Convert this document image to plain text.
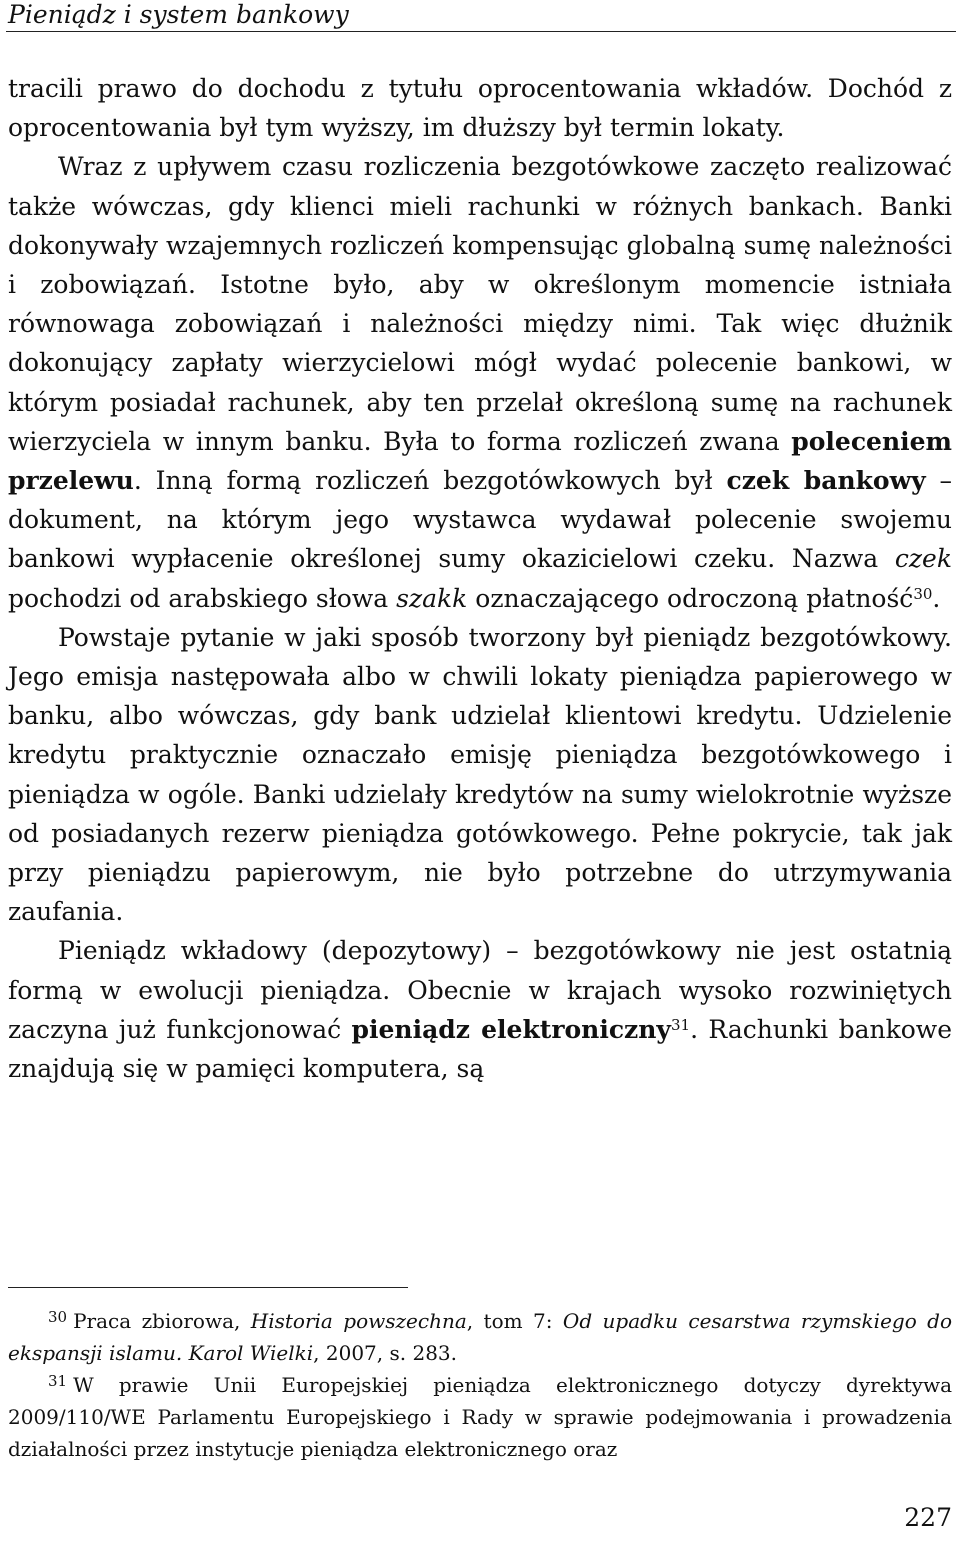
Pieniądz i system bankowy

tracili prawo do dochodu z tytułu oprocentowania wkładów. Dochód z oprocentowania był tym wyższy, im dłuższy był termin lokaty.

Wraz z upływem czasu rozliczenia bezgotówkowe zaczęto realizować także wówczas, gdy klienci mieli rachunki w różnych bankach. Banki dokonywały wzajemnych rozliczeń kompensując globalną sumę należności i zobowiązań. Istotne było, aby w określonym momencie istniała równowaga zobowiązań i należności między nimi. Tak więc dłużnik dokonujący zapłaty wierzycielowi mógł wydać polecenie bankowi, w którym posiadał rachunek, aby ten przelał określoną sumę na rachunek wierzyciela w innym banku. Była to forma rozliczeń zwana poleceniem przelewu. Inną formą rozliczeń bezgotówkowych był czek bankowy – dokument, na którym jego wystawca wydawał polecenie swojemu bankowi wypłacenie określonej sumy okazicielowi czeku. Nazwa czek pochodzi od arabskiego słowa szakk oznaczającego odroczoną płatność$^{30}$.

Powstaje pytanie w jaki sposób tworzony był pieniądz bezgotówkowy. Jego emisja następowała albo w chwili lokaty pieniądza papierowego w banku, albo wówczas, gdy bank udzielał klientowi kredytu. Udzielenie kredytu praktycznie oznaczało emisję pieniądza bezgotówkowego i pieniądza w ogóle. Banki udzielały kredytów na sumy wielokrotnie wyższe od posiadanych rezerw pieniądza gotówkowego. Pełne pokrycie, tak jak przy pieniądzu papierowym, nie było potrzebne do utrzymywania zaufania.

Pieniądz wkładowy (depozytowy) – bezgotówkowy nie jest ostatnią formą w ewolucji pieniądza. Obecnie w krajach wysoko rozwiniętych zaczyna już funkcjonować pieniądz elektroniczny$^{31}$. Rachunki bankowe znajdują się w pamięci komputera, są

$^{30}$ Praca zbiorowa, Historia powszechna, tom 7: Od upadku cesarstwa rzymskiego do ekspansji islamu. Karol Wielki, 2007, s. 283.

$^{31}$ W prawie Unii Europejskiej pieniądza elektronicznego dotyczy dyrektywa 2009/110/WE Parlamentu Europejskiego i Rady w sprawie podejmowania i prowadzenia działalności przez instytucje pieniądza elektronicznego oraz

227
